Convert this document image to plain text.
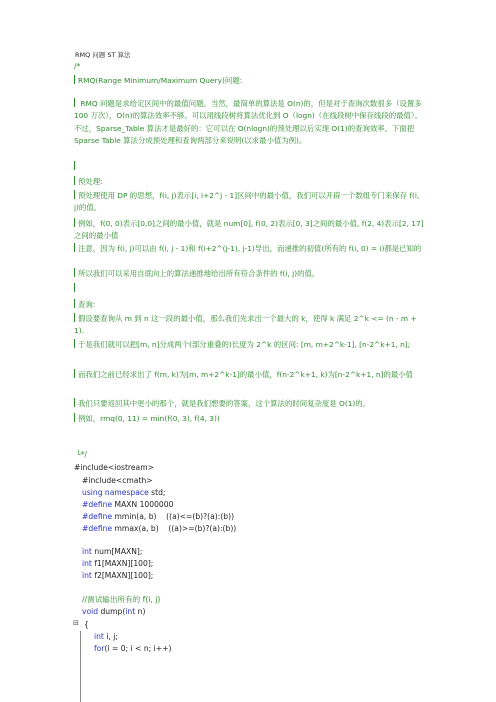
RMQ 问题 ST 算法
/*
RMQ(Range Minimum/Maximum Query)问题:
RMQ 问题是求给定区间中的最值问题。当然，最简单的算法是 O(n)的，但是对于查询次数很多（设置多 100 万次），O(n)的算法效率不够。可以用线段树将算法优化到 O（logn)（在线段树中保存线段的最值）。不过，Sparse_Table 算法才是最好的：它可以在 O(nlogn)的预处理以后实现 O(1)的查询效率。下面把 Sparse Table 算法分成预处理和查询两部分来说明(以求最小值为例)。
预处理:
预处理使用 DP 的思想，f(i, j)表示[i, i+2^j - 1]区间中的最小值，我们可以开辟一个数组专门来保存 f(i, j)的值。
例如，f(0, 0)表示[0,0]之间的最小值，就是 num[0], f(0, 2)表示[0, 3]之间的最小值, f(2, 4)表示[2, 17]之间的最小值
注意，因为 f(i, j)可以由 f(i, j - 1)和 f(i+2^(j-1), j-1)导出，而递推的初值(所有的 f(i, 0) = i)都是已知的
所以我们可以采用自底向上的算法递推地给出所有符合条件的 f(i, j)的值。
查询:
假设要查询从 m 到 n 这一段的最小值，那么我们先求出一个最大的 k，使得 k 满足 2^k <= (n - m + 1).
于是我们就可以把[m, n]分成两个(部分重叠的)长度为 2^k 的区间: [m, m+2^k-1], [n-2^k+1, n];
而我们之前已经求出了 f(m, k)为[m, m+2^k-1]的最小值，f(n-2^k+1, k)为[n-2^k+1, n]的最小值
我们只要返回其中更小的那个，就是我们想要的答案，这个算法的时间复杂度是 O(1)的。
例如，rmq(0, 11) = min(f(0, 3), f(4, 3))
└*/
#include<iostream>
#include<cmath>
using namespace std;
#define MAXN 1000000
#define mmin(a, b)    ((a)<=(b)?(a):(b))
#define mmax(a, b)    ((a)>=(b)?(a):(b))
int num[MAXN];
int f1[MAXN][100];
int f2[MAXN][100];
//测试输出所有的 f(i, j)
void dump(int n)
⊟ {
int i, j;
for(i = 0; i < n; i++)
